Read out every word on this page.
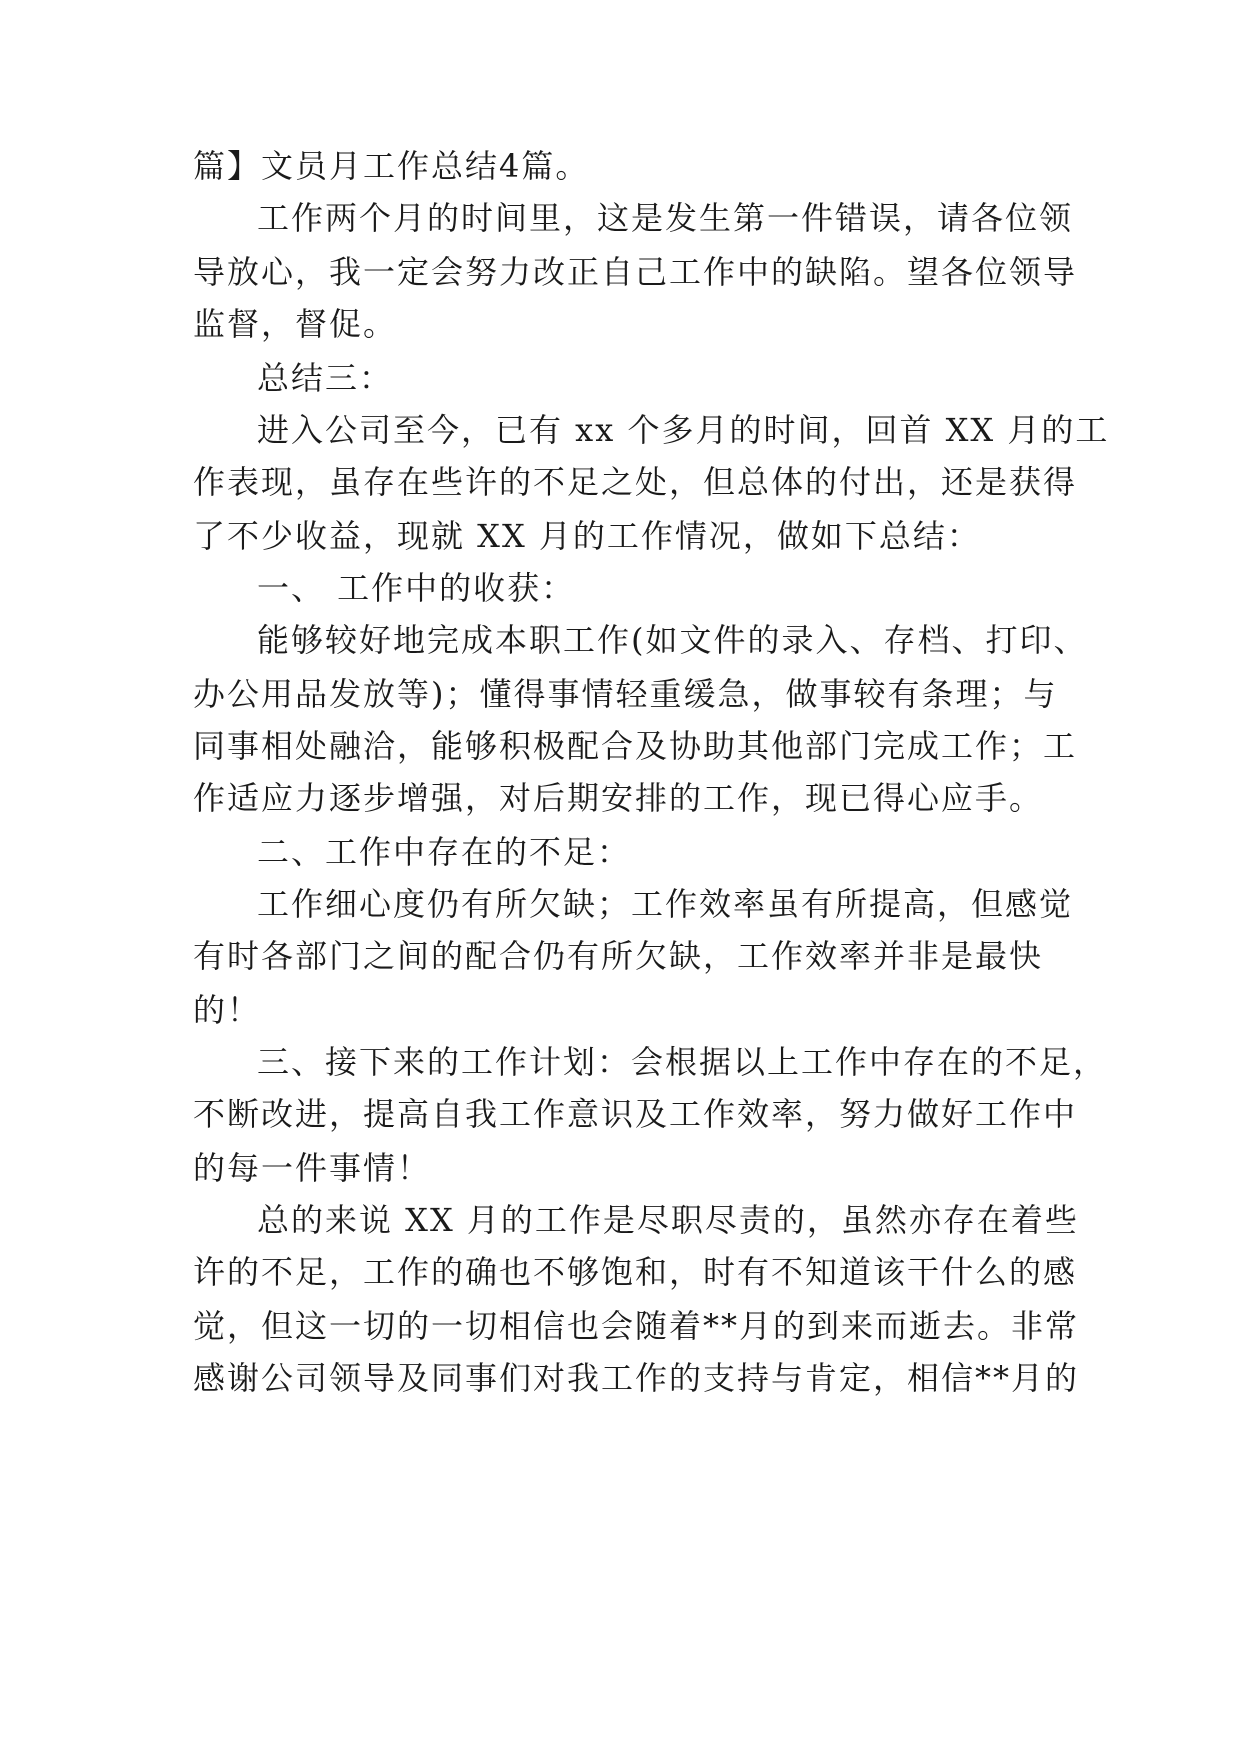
篇】文员月工作总结4篇。

工作两个月的时间里，这是发生第一件错误，请各位领

导放心，我一定会努力改正自己工作中的缺陷。望各位领导

监督，督促。

总结三：

进入公司至今，已有 xx 个多月的时间，回首 XX 月的工

作表现，虽存在些许的不足之处，但总体的付出，还是获得

了不少收益，现就 XX 月的工作情况，做如下总结：

一、 工作中的收获：

能够较好地完成本职工作(如文件的录入、存档、打印、

办公用品发放等)；懂得事情轻重缓急，做事较有条理；与

同事相处融洽，能够积极配合及协助其他部门完成工作；工

作适应力逐步增强，对后期安排的工作，现已得心应手。

二、工作中存在的不足：

工作细心度仍有所欠缺；工作效率虽有所提高，但感觉

有时各部门之间的配合仍有所欠缺，工作效率并非是最快

的！

三、接下来的工作计划：会根据以上工作中存在的不足，

不断改进，提高自我工作意识及工作效率，努力做好工作中

的每一件事情！

总的来说 XX 月的工作是尽职尽责的，虽然亦存在着些

许的不足，工作的确也不够饱和，时有不知道该干什么的感

觉，但这一切的一切相信也会随着**月的到来而逝去。非常

感谢公司领导及同事们对我工作的支持与肯定，相信**月的
